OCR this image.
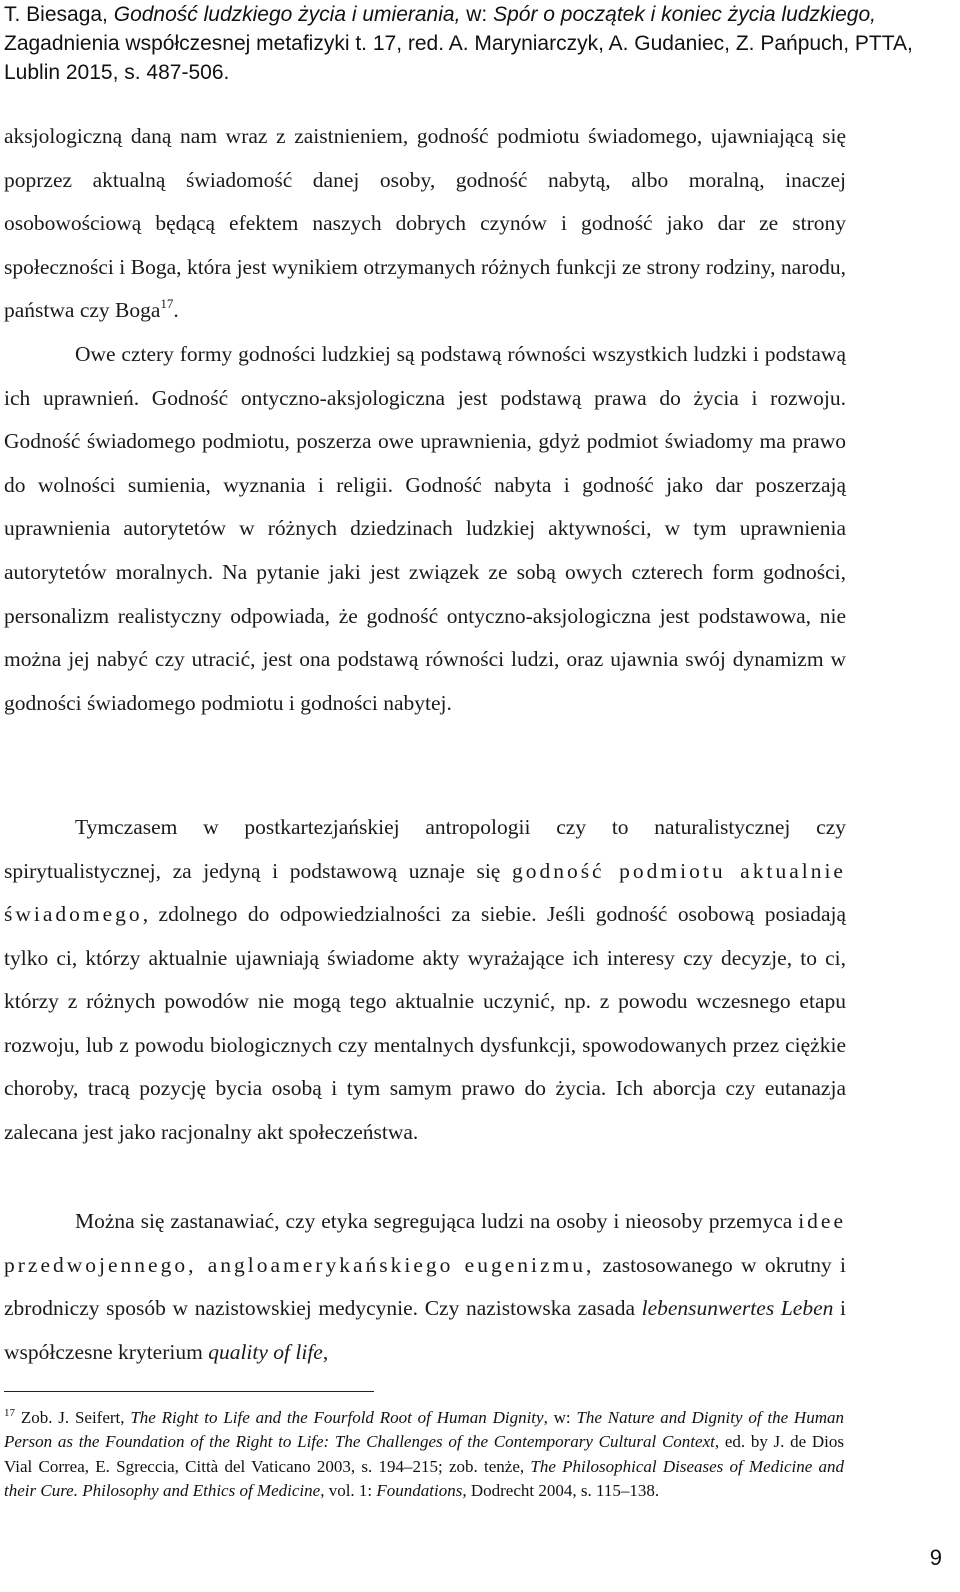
T. Biesaga, Godność ludzkiego życia i umierania, w: Spór o początek i koniec życia ludzkiego, Zagadnienia współczesnej metafizyki t. 17, red. A. Maryniarczyk, A. Gudaniec, Z. Pańpuch, PTTA, Lublin 2015, s. 487-506.
aksjologiczną daną nam wraz z zaistnieniem, godność podmiotu świadomego, ujawniającą się poprzez aktualną świadomość danej osoby, godność nabytą, albo moralną, inaczej osobowościową będącą efektem naszych dobrych czynów i godność jako dar ze strony społeczności i Boga, która jest wynikiem otrzymanych różnych funkcji ze strony rodziny, narodu, państwa czy Boga$^{17}$.
Owe cztery formy godności ludzkiej są podstawą równości wszystkich ludzki i podstawą ich uprawnień. Godność ontyczno-aksjologiczna jest podstawą prawa do życia i rozwoju. Godność świadomego podmiotu, poszerza owe uprawnienia, gdyż podmiot świadomy ma prawo do wolności sumienia, wyznania i religii. Godność nabyta i godność jako dar poszerzają uprawnienia autorytetów w różnych dziedzinach ludzkiej aktywności, w tym uprawnienia autorytetów moralnych. Na pytanie jaki jest związek ze sobą owych czterech form godności, personalizm realistyczny odpowiada, że godność ontyczno-aksjologiczna jest podstawowa, nie można jej nabyć czy utracić, jest ona podstawą równości ludzi, oraz ujawnia swój dynamizm w godności świadomego podmiotu i godności nabytej.
Tymczasem w postkartezjańskiej antropologii czy to naturalistycznej czy spirytualistycznej, za jedyną i podstawową uznaje się godność podmiotu aktualnie świadomego, zdolnego do odpowiedzialności za siebie. Jeśli godność osobową posiadają tylko ci, którzy aktualnie ujawniają świadome akty wyrażające ich interesy czy decyzje, to ci, którzy z różnych powodów nie mogą tego aktualnie uczynić, np. z powodu wczesnego etapu rozwoju, lub z powodu biologicznych czy mentalnych dysfunkcji, spowodowanych przez ciężkie choroby, tracą pozycję bycia osobą i tym samym prawo do życia. Ich aborcja czy eutanazja zalecana jest jako racjonalny akt społeczeństwa.
Można się zastanawiać, czy etyka segregująca ludzi na osoby i nieosoby przemyca idee przedwojennego, angloamerykańskiego eugenizmu, zastosowanego w okrutny i zbrodniczy sposób w nazistowskiej medycynie. Czy nazistowska zasada lebensunwertes Leben i współczesne kryterium quality of life,
$^{17}$ Zob. J. Seifert, The Right to Life and the Fourfold Root of Human Dignity, w: The Nature and Dignity of the Human Person as the Foundation of the Right to Life: The Challenges of the Contemporary Cultural Context, ed. by J. de Dios Vial Correa, E. Sgreccia, Città del Vaticano 2003, s. 194–215; zob. tenże, The Philosophical Diseases of Medicine and their Cure. Philosophy and Ethics of Medicine, vol. 1: Foundations, Dodrecht 2004, s. 115–138.
9
